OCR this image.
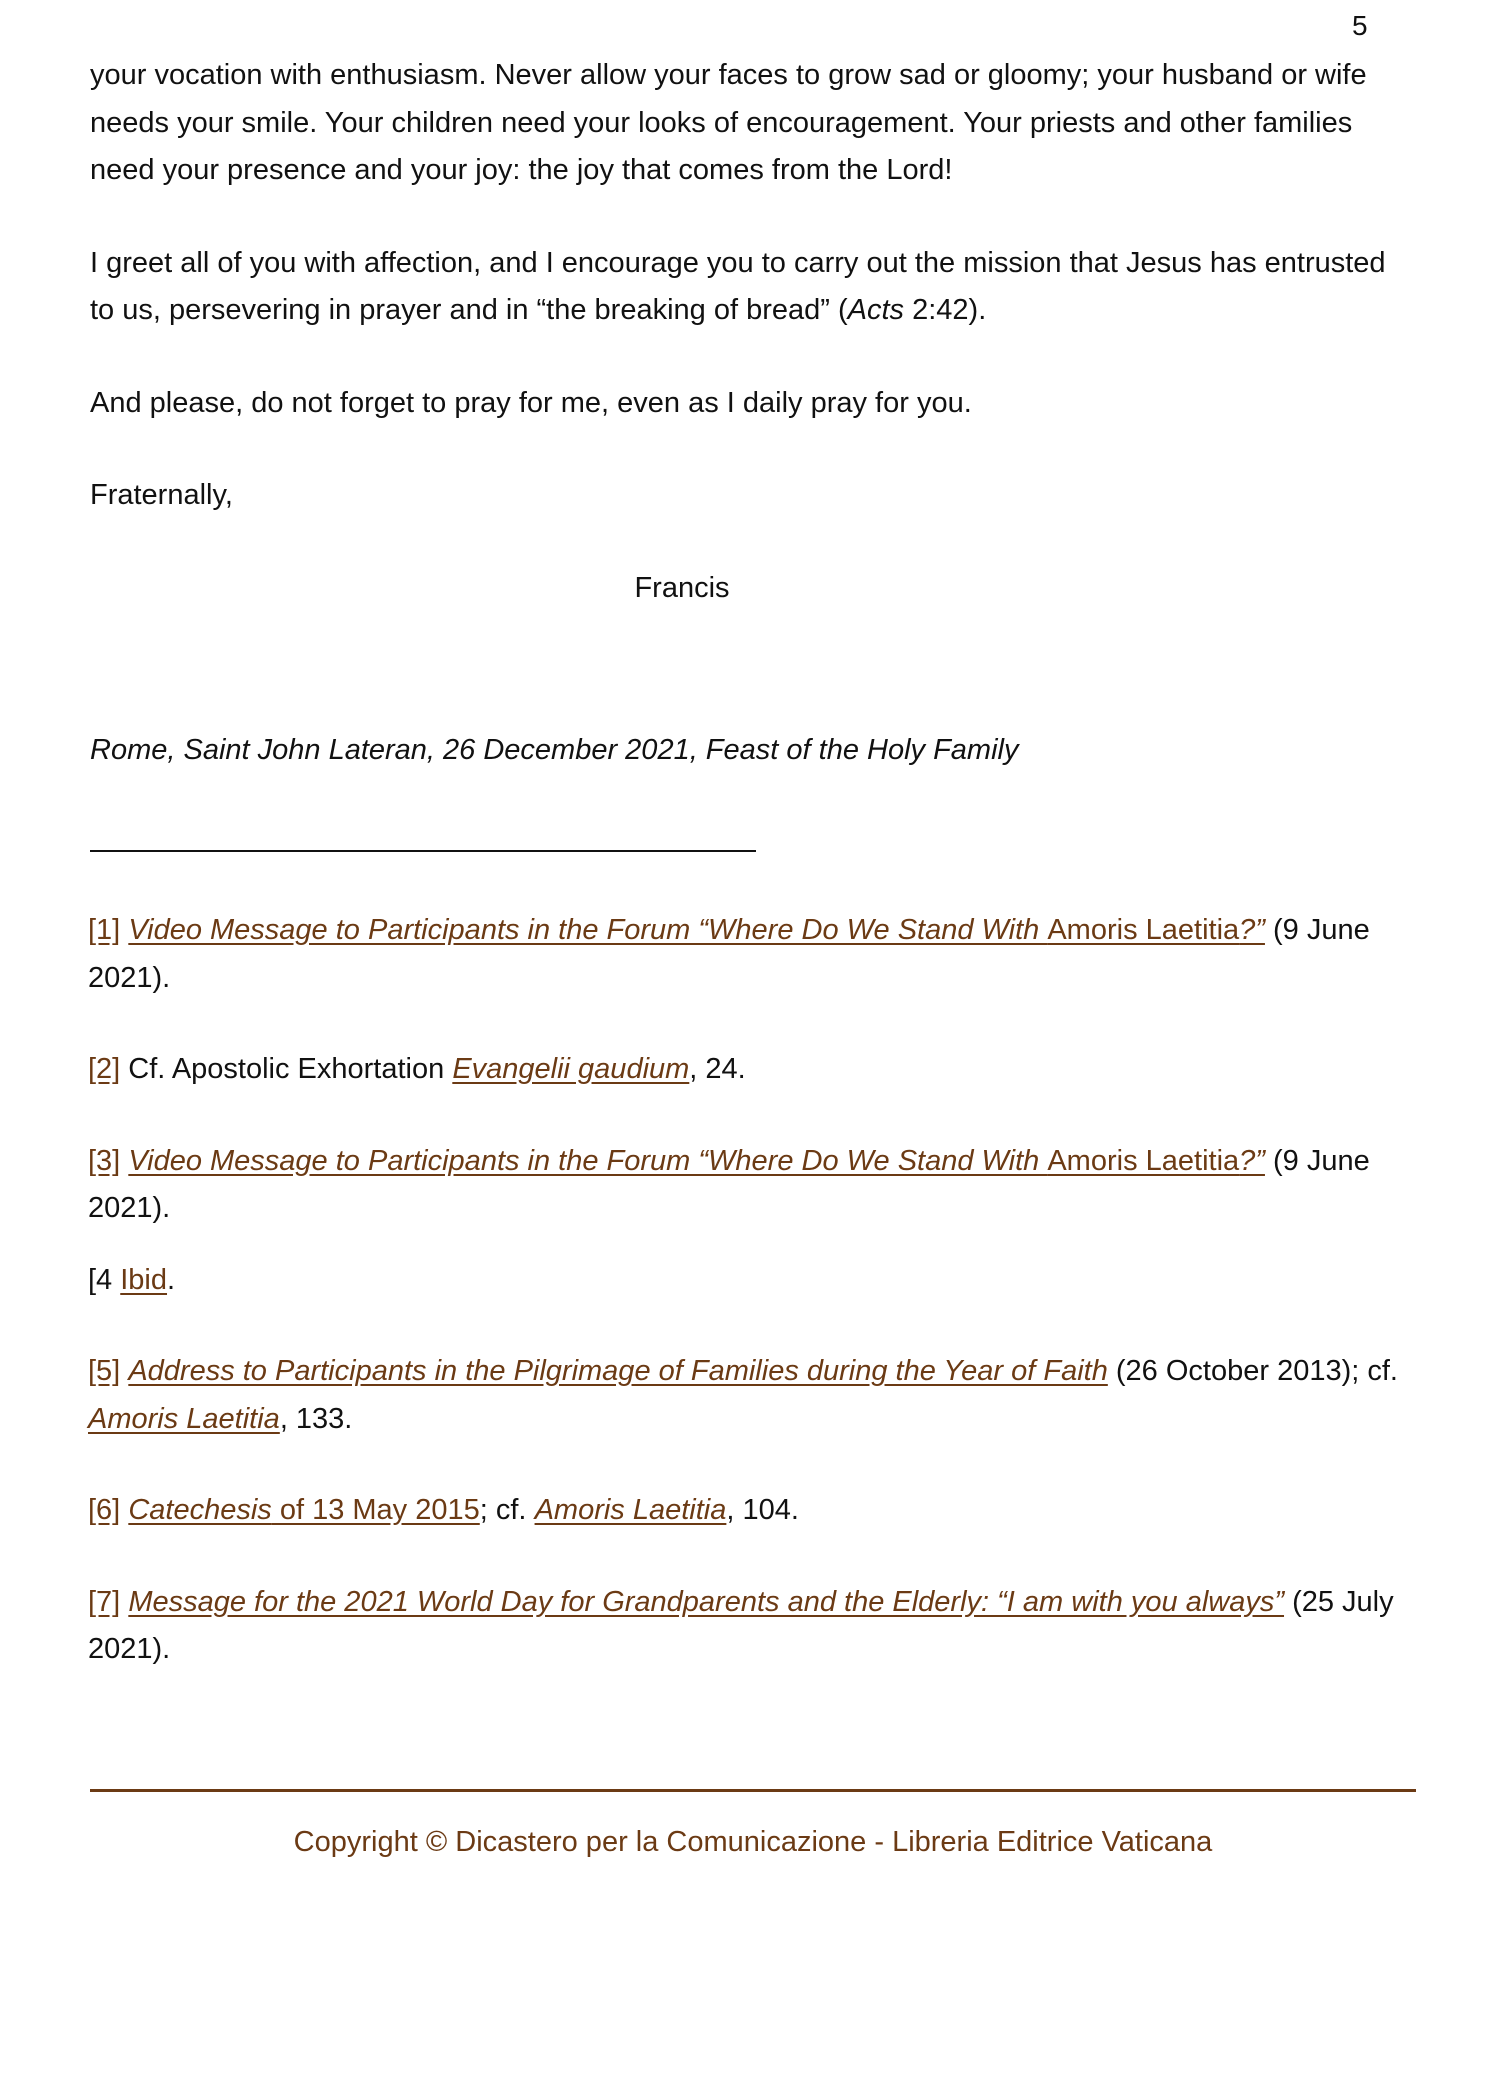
5

your vocation with enthusiasm. Never allow your faces to grow sad or gloomy; your husband or wife needs your smile. Your children need your looks of encouragement. Your priests and other families need your presence and your joy: the joy that comes from the Lord!

I greet all of you with affection, and I encourage you to carry out the mission that Jesus has entrusted to us, persevering in prayer and in “the breaking of bread” (Acts 2:42).

And please, do not forget to pray for me, even as I daily pray for you.

Fraternally,

Francis

Rome, Saint John Lateran, 26 December 2021, Feast of the Holy Family

[1] Video Message to Participants in the Forum “Where Do We Stand With Amoris Laetitia?” (9 June 2021).

[2] Cf. Apostolic Exhortation Evangelii gaudium, 24.

[3] Video Message to Participants in the Forum “Where Do We Stand With Amoris Laetitia?” (9 June 2021).

[4 Ibid.

[5] Address to Participants in the Pilgrimage of Families during the Year of Faith (26 October 2013); cf. Amoris Laetitia, 133.

[6] Catechesis of 13 May 2015; cf. Amoris Laetitia, 104.

[7] Message for the 2021 World Day for Grandparents and the Elderly: “I am with you always” (25 July 2021).

Copyright © Dicastero per la Comunicazione - Libreria Editrice Vaticana
